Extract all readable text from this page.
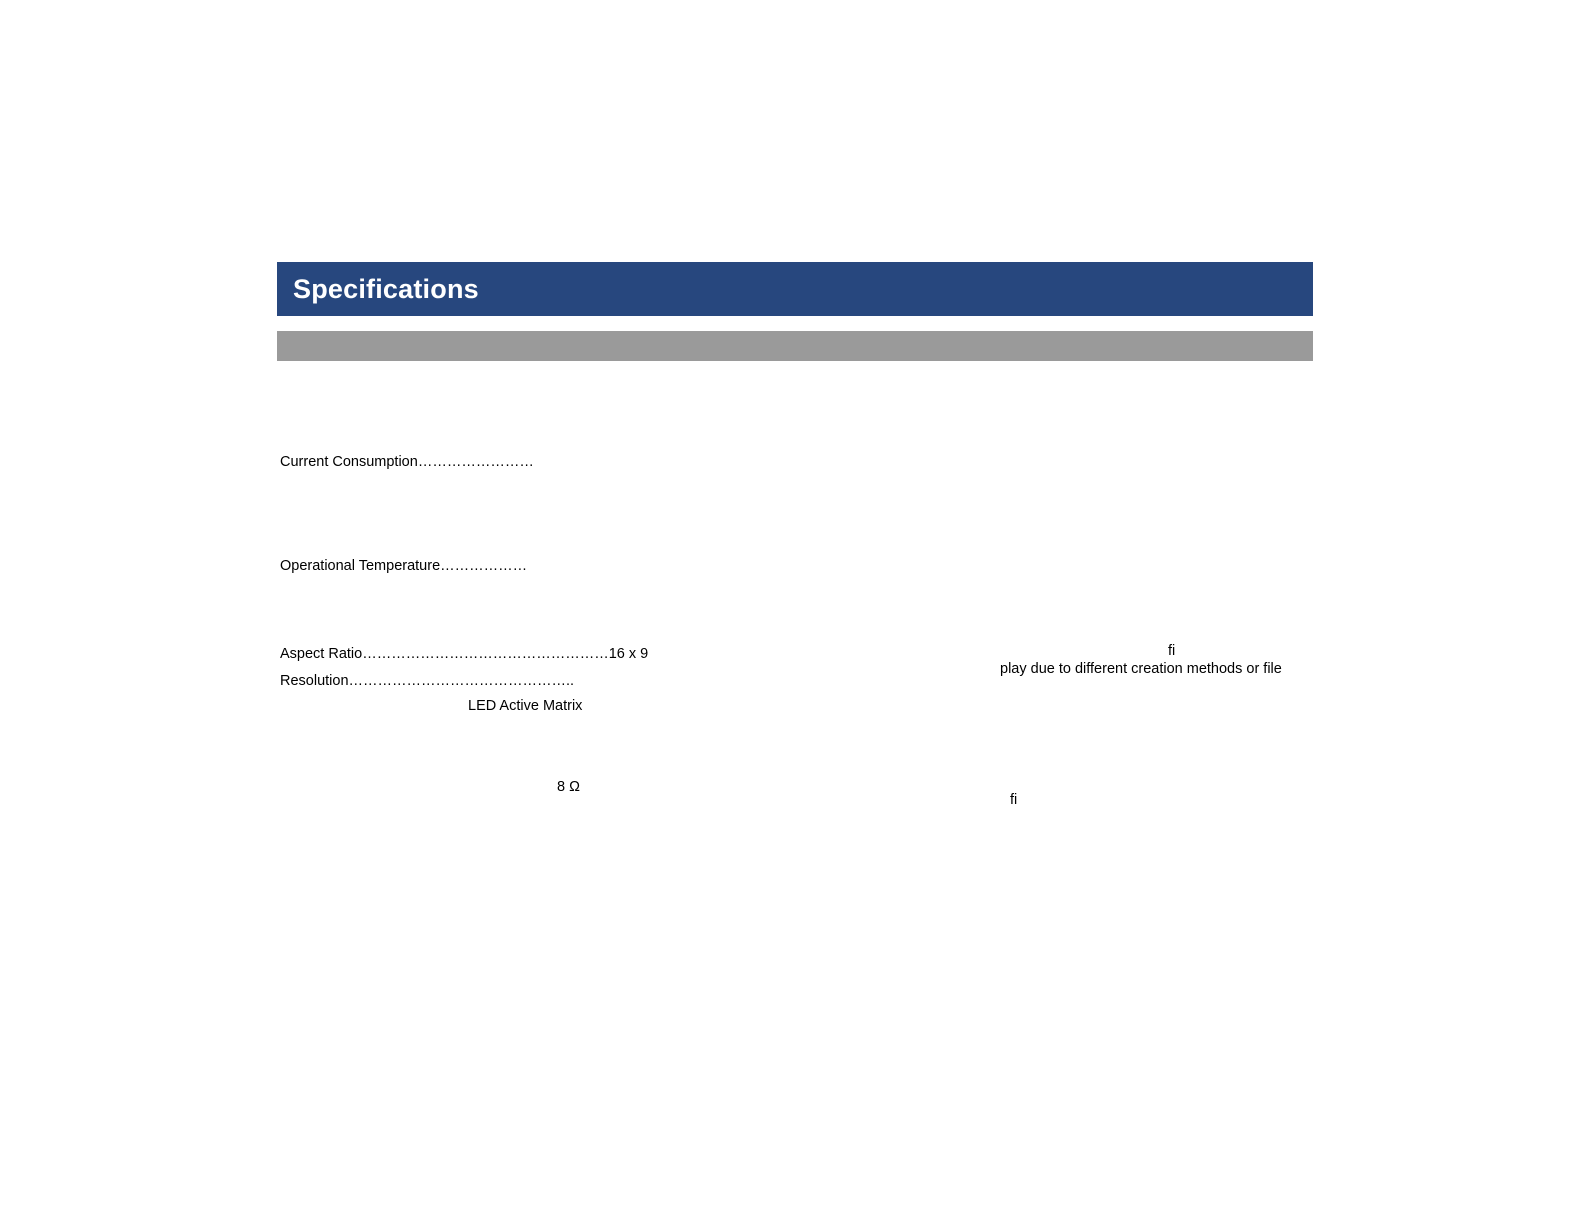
Specifications
Current Consumption……………………
Operational Temperature………………
Aspect Ratio……………………………………………16 x 9
Resolution………………………………………..
LED Active Matrix
8 Ω
fi
play due to different creation methods or file
fi
